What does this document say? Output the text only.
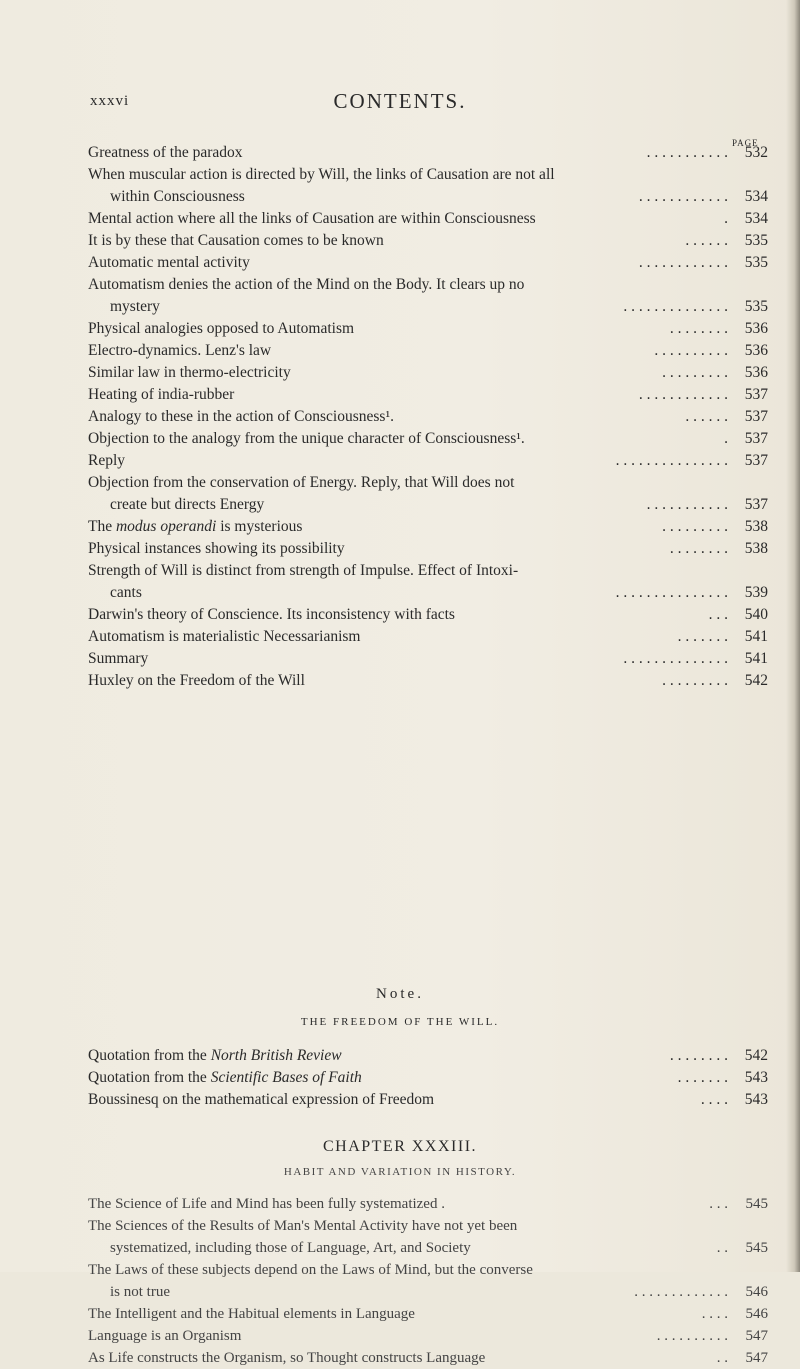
xxxvi	CONTENTS.
PAGE
Greatness of the paradox	. . . . . . . . . . .	532
When muscular action is directed by Will, the links of Causation are not all
within Consciousness	. . . . . . . . . . . .	534
Mental action where all the links of Causation are within Consciousness	.	534
It is by these that Causation comes to be known	. . . . . .	535
Automatic mental activity	. . . . . . . . . . . .	535
Automatism denies the action of the Mind on the Body. It clears up no
mystery	. . . . . . . . . . . . . .	535
Physical analogies opposed to Automatism	. . . . . . . .	536
Electro-dynamics. Lenz's law	. . . . . . . . . .	536
Similar law in thermo-electricity	. . . . . . . . .	536
Heating of india-rubber	. . . . . . . . . . . .	537
Analogy to these in the action of Consciousness¹.	. . . . . .	537
Objection to the analogy from the unique character of Consciousness¹.	.	537
Reply	. . . . . . . . . . . . . . .	537
Objection from the conservation of Energy. Reply, that Will does not
create but directs Energy	. . . . . . . . . . .	537
The modus operandi is mysterious	. . . . . . . . .	538
Physical instances showing its possibility	. . . . . . . .	538
Strength of Will is distinct from strength of Impulse. Effect of Intoxi-
cants	. . . . . . . . . . . . . . .	539
Darwin's theory of Conscience. Its inconsistency with facts	. . .	540
Automatism is materialistic Necessarianism	. . . . . . .	541
Summary	. . . . . . . . . . . . . .	541
Huxley on the Freedom of the Will	. . . . . . . . .	542
Note.
THE FREEDOM OF THE WILL.
Quotation from the North British Review	. . . . . . . .	542
Quotation from the Scientific Bases of Faith	. . . . . . .	543
Boussinesq on the mathematical expression of Freedom	. . . .	543
CHAPTER XXXIII.
HABIT AND VARIATION IN HISTORY.
The Science of Life and Mind has been fully systematized .	. . .	545
The Sciences of the Results of Man's Mental Activity have not yet been
systematized, including those of Language, Art, and Society	. .	545
The Laws of these subjects depend on the Laws of Mind, but the converse
is not true	. . . . . . . . . . . . .	546
The Intelligent and the Habitual elements in Language	. . . .	546
Language is an Organism	. . . . . . . . . .	547
As Life constructs the Organism, so Thought constructs Language	. .	547
